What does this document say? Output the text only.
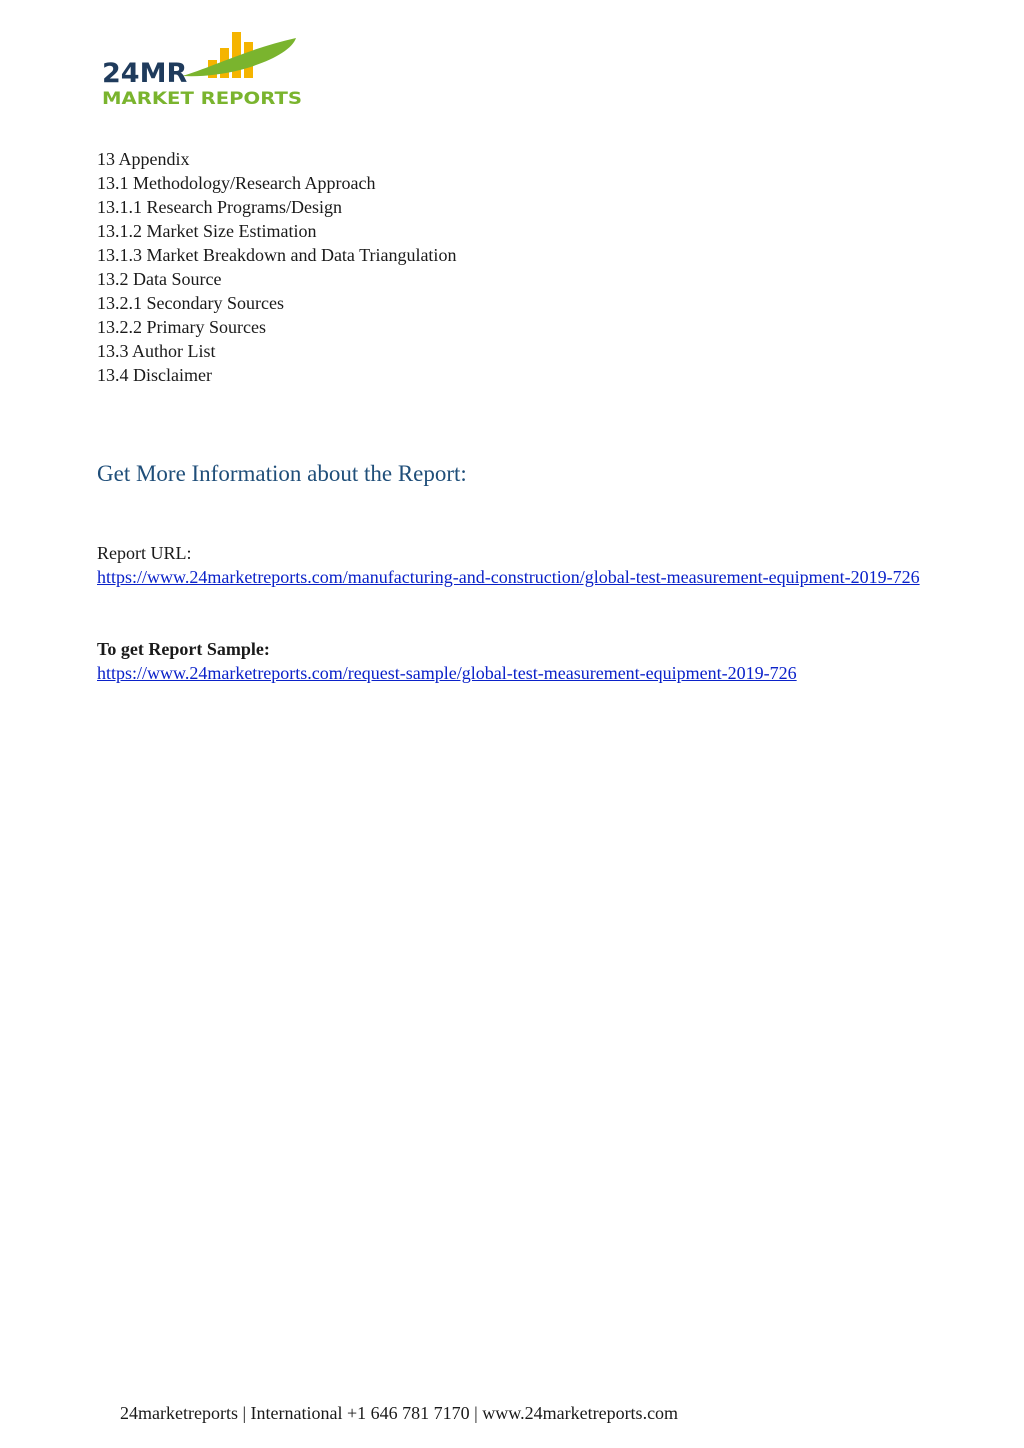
24MR
MARKET REPORTS
13 Appendix
13.1 Methodology/Research Approach
13.1.1 Research Programs/Design
13.1.2 Market Size Estimation
13.1.3 Market Breakdown and Data Triangulation
13.2 Data Source
13.2.1 Secondary Sources
13.2.2 Primary Sources
13.3 Author List
13.4 Disclaimer
Get More Information about the Report:
Report URL:
https://www.24marketreports.com/manufacturing-and-construction/global-test-measurement-equipment-2019-726
To get Report Sample:
https://www.24marketreports.com/request-sample/global-test-measurement-equipment-2019-726
24marketreports | International +1 646 781 7170 | www.24marketreports.com
